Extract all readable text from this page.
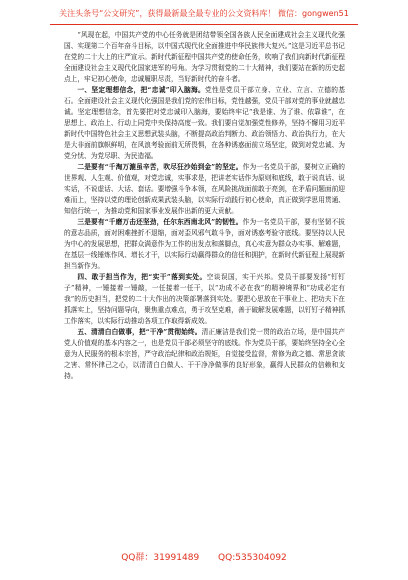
关注头条号“公文研究”，获得最新最全最专业的公文资料库！ 微信：gongwen51

“风现在起，中国共产党的中心任务就是团结带领全国各族人民全面建成社会主义现代化强国、实现第二个百年奋斗目标，以中国式现代化全面推进中华民族伟大复兴。”这是习近平总书记在党的二十大上的庄严宣示。新时代新征程中国共产党的使命任务，吹响了我们向新时代新征程全面建设社会主义现代化国家进军的号角。为学习贯彻党的二十大精神，我们要站在新的历史起点上，牢记初心使命，忠诚履职尽责，当好新时代的奋斗者。

一、坚定理想信念，把“忠诚”印入脑海。党性是党员干部立身、立业、立言、立德的基石。全面建设社会主义现代化强国是我们党的宏伟目标，党性越强，党员干部对党的事业就越忠诚。坚定理想信念，首先要把对党忠诚印入脑海，要始终牢记“我是谁、为了谁、依靠谁”，在思想上、政治上、行动上同党中央保持高度一致。我们要自觉加强党性修养，坚持不懈用习近平新时代中国特色社会主义思想武装头脑，不断提高政治判断力、政治领悟力、政治执行力，在大是大非面前旗帜鲜明，在风浪考验面前无所畏惧，在各种诱惑面前立场坚定，做到对党忠诚、为党分忧、为党尽职、为民造福。

二是要有“千淘万漉虽辛苦，吹尽狂沙始到金”的坚定。作为一名党员干部，要树立正确的世界观、人生观、价值观，对党忠诚，实事求是，把讲老实话作为原则和底线，敢于说真话、说实话，不说虚话、大话、套话。要增强斗争本领，在风险挑战面前敢于亮剑，在矛盾问题面前迎难而上，坚持以党的理论创新成果武装头脑，以实际行动践行初心使命，真正做到学思用贯通、知信行统一，为推动党和国家事业发展作出新的更大贡献。

三是要有“千磨万击还坚劲，任尔东西南北风”的韧性。作为一名党员干部，要有坚韧不拔的意志品质，面对困难挫折不退缩，面对歪风邪气敢斗争，面对诱惑考验守底线。要坚持以人民为中心的发展思想，把群众满意作为工作的出发点和落脚点，真心实意为群众办实事、解难题，在基层一线锤炼作风、增长才干，以实际行动赢得群众的信任和拥护，在新时代新征程上展现新担当新作为。

四、敢于担当作为，把“实干”落到实处。空谈误国，实干兴邦。党员干部要发扬“钉钉子”精神，一锤接着一锤敲，一任接着一任干，以“功成不必在我”的精神境界和“功成必定有我”的历史担当，把党的二十大作出的决策部署落到实处。要把心思放在干事业上、把功夫下在抓落实上，坚持问题导向，聚焦重点难点，勇于攻坚克难，善于破解发展难题，以钉钉子精神抓工作落实，以实际行动推动各项工作取得新成效。

五、清清白白做事，把“干净”贯彻始终。清正廉洁是我们党一贯的政治立场，是中国共产党人价值观的基本内容之一，也是党员干部必须坚守的底线。作为党员干部，要始终坚持全心全意为人民服务的根本宗旨，严守政治纪律和政治规矩，自觉接受监督，常修为政之德、常思贪欲之害、常怀律己之心，以清清白白做人、干干净净做事的良好形象，赢得人民群众的信赖和支持。

QQ群：31991489 QQ:535304092
